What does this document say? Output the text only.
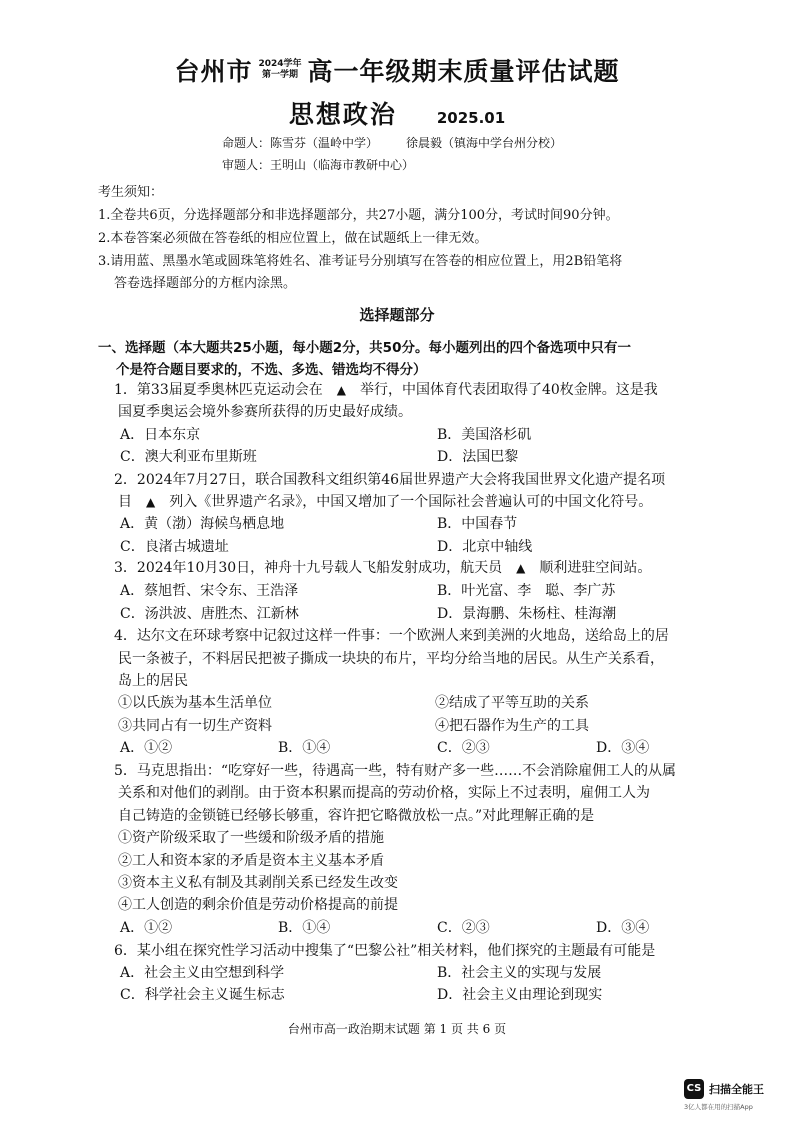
台州市 2024学年
第一学期 高一年级期末质量评估试题
思想政治	2025.01
命题人：陈雪芬（温岭中学） 徐晨毅（镇海中学台州分校）
审题人：王明山（临海市教研中心）
考生须知：
1.全卷共6页，分选择题部分和非选择题部分，共27小题，满分100分，考试时间90分钟。
2.本卷答案必须做在答卷纸的相应位置上，做在试题纸上一律无效。
3.请用蓝、黑墨水笔或圆珠笔将姓名、准考证号分别填写在答卷的相应位置上，用2B铅笔将
答卷选择题部分的方框内涂黑。
选择题部分
一、选择题（本大题共25小题，每小题2分，共50分。每小题列出的四个备选项中只有一
个是符合题目要求的，不选、多选、错选均不得分）
1．第33届夏季奥林匹克运动会在 ▲ 举行，中国体育代表团取得了40枚金牌。这是我
国夏季奥运会境外参赛所获得的历史最好成绩。
A．日本东京	B．美国洛杉矶
C．澳大利亚布里斯班	D．法国巴黎
2．2024年7月27日，联合国教科文组织第46届世界遗产大会将我国世界文化遗产提名项
目 ▲ 列入《世界遗产名录》，中国又增加了一个国际社会普遍认可的中国文化符号。
A．黄（渤）海候鸟栖息地	B．中国春节
C．良渚古城遗址	D．北京中轴线
3．2024年10月30日，神舟十九号载人飞船发射成功，航天员 ▲ 顺利进驻空间站。
A．蔡旭哲、宋令东、王浩泽	B．叶光富、李　聪、李广苏
C．汤洪波、唐胜杰、江新林	D．景海鹏、朱杨柱、桂海潮
4．达尔文在环球考察中记叙过这样一件事：一个欧洲人来到美洲的火地岛，送给岛上的居
民一条被子，不料居民把被子撕成一块块的布片，平均分给当地的居民。从生产关系看，
岛上的居民
①以氏族为基本生活单位	②结成了平等互助的关系
③共同占有一切生产资料	④把石器作为生产的工具
A．①②	B．①④	C．②③	D．③④
5．马克思指出：“吃穿好一些，待遇高一些，特有财产多一些……不会消除雇佣工人的从属
关系和对他们的剥削。由于资本积累而提高的劳动价格，实际上不过表明，雇佣工人为
自己铸造的金锁链已经够长够重，容许把它略微放松一点。”对此理解正确的是
①资产阶级采取了一些缓和阶级矛盾的措施
②工人和资本家的矛盾是资本主义基本矛盾
③资本主义私有制及其剥削关系已经发生改变
④工人创造的剩余价值是劳动价格提高的前提
A．①②	B．①④	C．②③	D．③④
6．某小组在探究性学习活动中搜集了“巴黎公社”相关材料，他们探究的主题最有可能是
A．社会主义由空想到科学	B．社会主义的实现与发展
C．科学社会主义诞生标志	D．社会主义由理论到现实
台州市高一政治期末试题 第 1 页 共 6 页
CS 扫描全能王
3亿人都在用的扫描App
